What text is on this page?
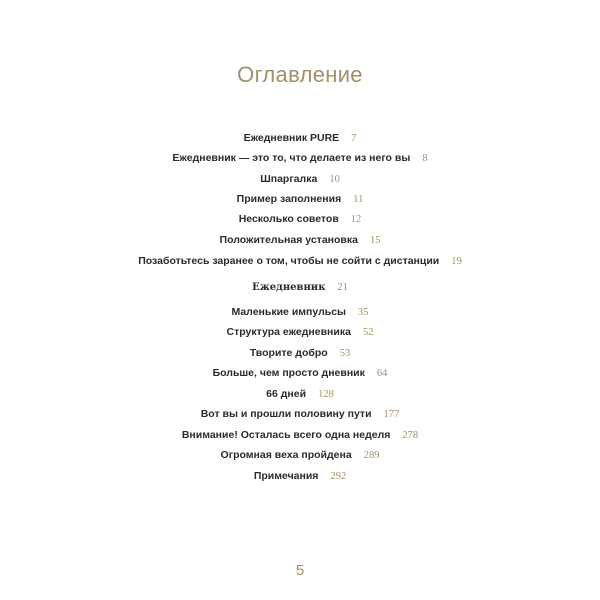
Оглавление
Ежедневник PURE 7
Ежедневник — это то, что делаете из него вы 8
Шпаргалка 10
Пример заполнения 11
Несколько советов 12
Положительная установка 15
Позаботьтесь заранее о том, чтобы не сойти с дистанции 19
Ежедневник 21
Маленькие импульсы 35
Структура ежедневника 52
Творите добро 53
Больше, чем просто дневник 64
66 дней 128
Вот вы и прошли половину пути 177
Внимание! Осталась всего одна неделя 278
Огромная веха пройдена 289
Примечания 292
5
